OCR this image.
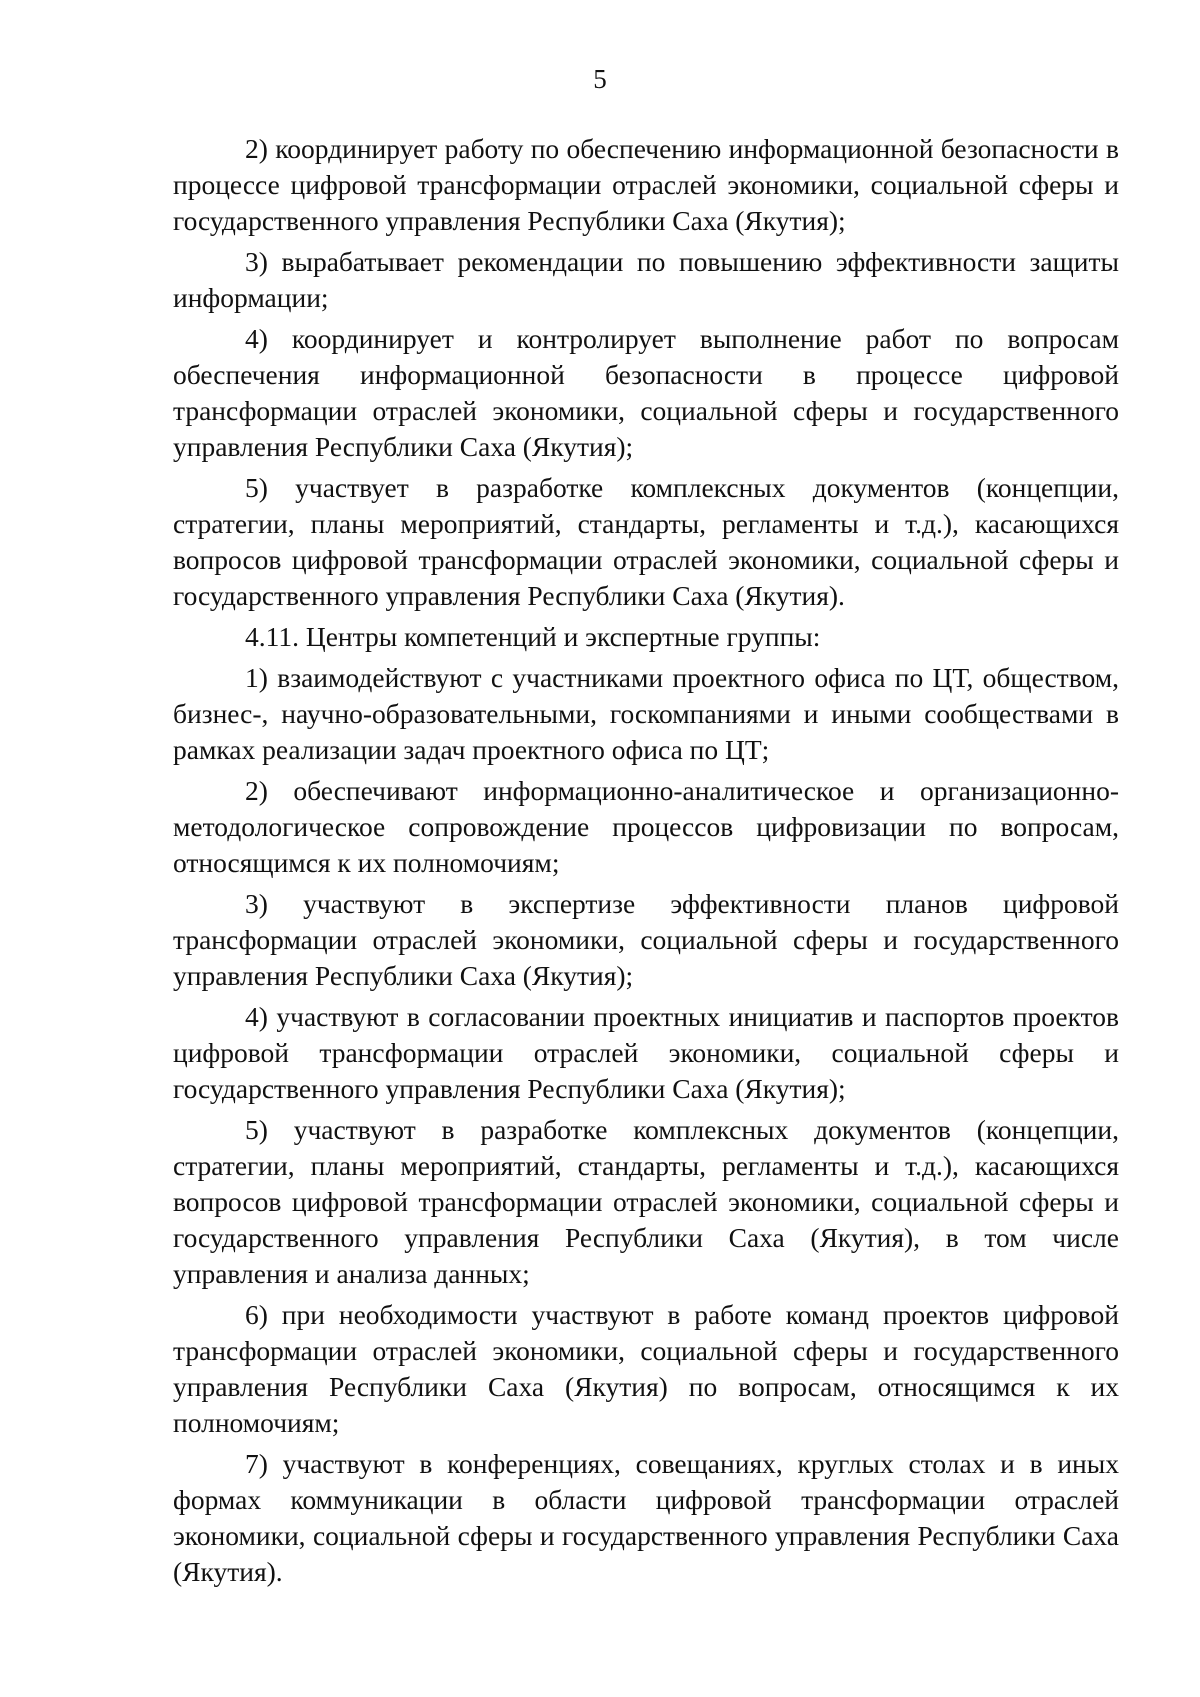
5

2) координирует работу по обеспечению информационной безопасности в процессе цифровой трансформации отраслей экономики, социальной сферы и государственного управления Республики Саха (Якутия);

3) вырабатывает рекомендации по повышению эффективности защиты информации;

4) координирует и контролирует выполнение работ по вопросам обеспечения информационной безопасности в процессе цифровой трансформации отраслей экономики, социальной сферы и государственного управления Республики Саха (Якутия);

5) участвует в разработке комплексных документов (концепции, стратегии, планы мероприятий, стандарты, регламенты и т.д.), касающихся вопросов цифровой трансформации отраслей экономики, социальной сферы и государственного управления Республики Саха (Якутия).

4.11. Центры компетенций и экспертные группы:

1) взаимодействуют с участниками проектного офиса по ЦТ, обществом, бизнес-, научно-образовательными, госкомпаниями и иными сообществами в рамках реализации задач проектного офиса по ЦТ;

2) обеспечивают информационно-аналитическое и организационно-методологическое сопровождение процессов цифровизации по вопросам, относящимся к их полномочиям;

3) участвуют в экспертизе эффективности планов цифровой трансформации отраслей экономики, социальной сферы и государственного управления Республики Саха (Якутия);

4) участвуют в согласовании проектных инициатив и паспортов проектов цифровой трансформации отраслей экономики, социальной сферы и государственного управления Республики Саха (Якутия);

5) участвуют в разработке комплексных документов (концепции, стратегии, планы мероприятий, стандарты, регламенты и т.д.), касающихся вопросов цифровой трансформации отраслей экономики, социальной сферы и государственного управления Республики Саха (Якутия), в том числе управления и анализа данных;

6) при необходимости участвуют в работе команд проектов цифровой трансформации отраслей экономики, социальной сферы и государственного управления Республики Саха (Якутия) по вопросам, относящимся к их полномочиям;

7) участвуют в конференциях, совещаниях, круглых столах и в иных формах коммуникации в области цифровой трансформации отраслей экономики, социальной сферы и государственного управления Республики Саха (Якутия).
